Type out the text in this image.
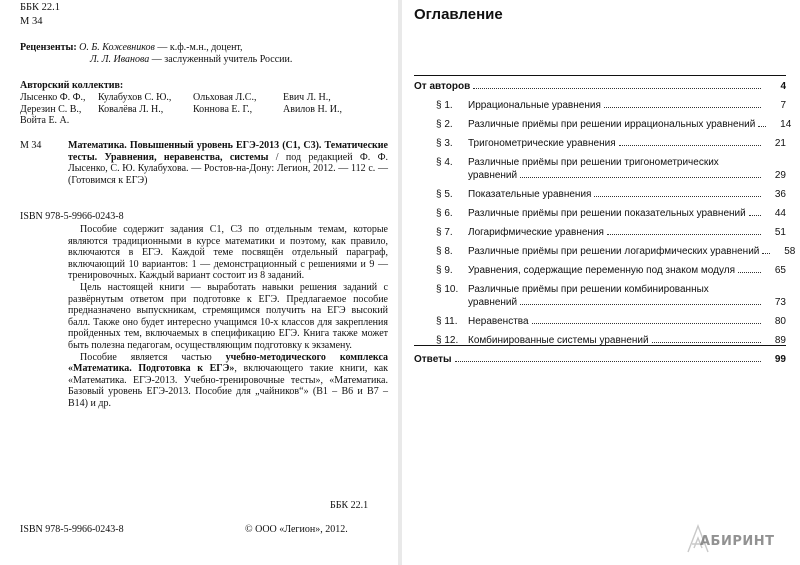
ББК 22.1
М 34
Рецензенты: О. Б. Кожевников — к.ф.-м.н., доцент,
Л. Л. Иванова — заслуженный учитель России.
Авторский коллектив:
Лысенко Ф. Ф., Кулабухов С. Ю., Ольховая Л.С.,	Евич Л. Н.,
Дерезин С. В., Ковалёва Л. Н.,	Коннова Е. Г.,	Авилов Н. И.,
Войта Е. А.
М 34	Математика. Повышенный уровень ЕГЭ-2013 (С1, С3). Тематические тесты. Уравнения, неравенства, системы / под редакцией Ф. Ф. Лысенко, С. Ю. Кулабухова. — Ростов-на-Дону: Легион, 2012. — 112 с. — (Готовимся к ЕГЭ)
ISBN 978-5-9966-0243-8

Пособие содержит задания С1, С3 по отдельным темам, которые являются традиционными в курсе математики и поэтому, как правило, включаются в ЕГЭ. Каждой теме посвящён отдельный параграф, включающий 10 вариантов: 1 — демонстрационный с решениями и 9 — тренировочных. Каждый вариант состоит из 8 заданий.

Цель настоящей книги — выработать навыки решения заданий с развёрнутым ответом при подготовке к ЕГЭ. Предлагаемое пособие предназначено выпускникам, стремящимся получить на ЕГЭ высокий балл. Также оно будет интересно учащимся 10-х классов для закрепления пройденных тем, включаемых в спецификацию ЕГЭ. Книга также может быть полезна педагогам, осуществляющим подготовку к экзамену.

Пособие является частью учебно-методического комплекса «Математика. Подготовка к ЕГЭ», включающего такие книги, как «Математика. ЕГЭ-2013. Учебно-тренировочные тесты», «Математика. Базовый уровень ЕГЭ-2013. Пособие для „чайников“» (В1 – В6 и В7 – В14) и др.

ББК 22.1
ISBN 978-5-9966-0243-8	© ООО «Легион», 2012.
Оглавление
От авторов	4
§ 1.	Иррациональные уравнения	7
§ 2.	Различные приёмы при решении иррациональных уравнений	14
§ 3.	Тригонометрические уравнения	21
§ 4.	Различные приёмы при решении тригонометрических
уравнений	29
§ 5.	Показательные уравнения	36
§ 6.	Различные приёмы при решении показательных уравнений	44
§ 7.	Логарифмические уравнения	51
§ 8.	Различные приёмы при решении логарифмических уравнений	58
§ 9.	Уравнения, содержащие переменную под знаком модуля	65
§ 10. Различные приёмы при решении комбинированных
уравнений	73
§ 11.	Неравенства	80
§ 12. Комбинированные системы уравнений	89
Ответы	99
АБИРИНТ
